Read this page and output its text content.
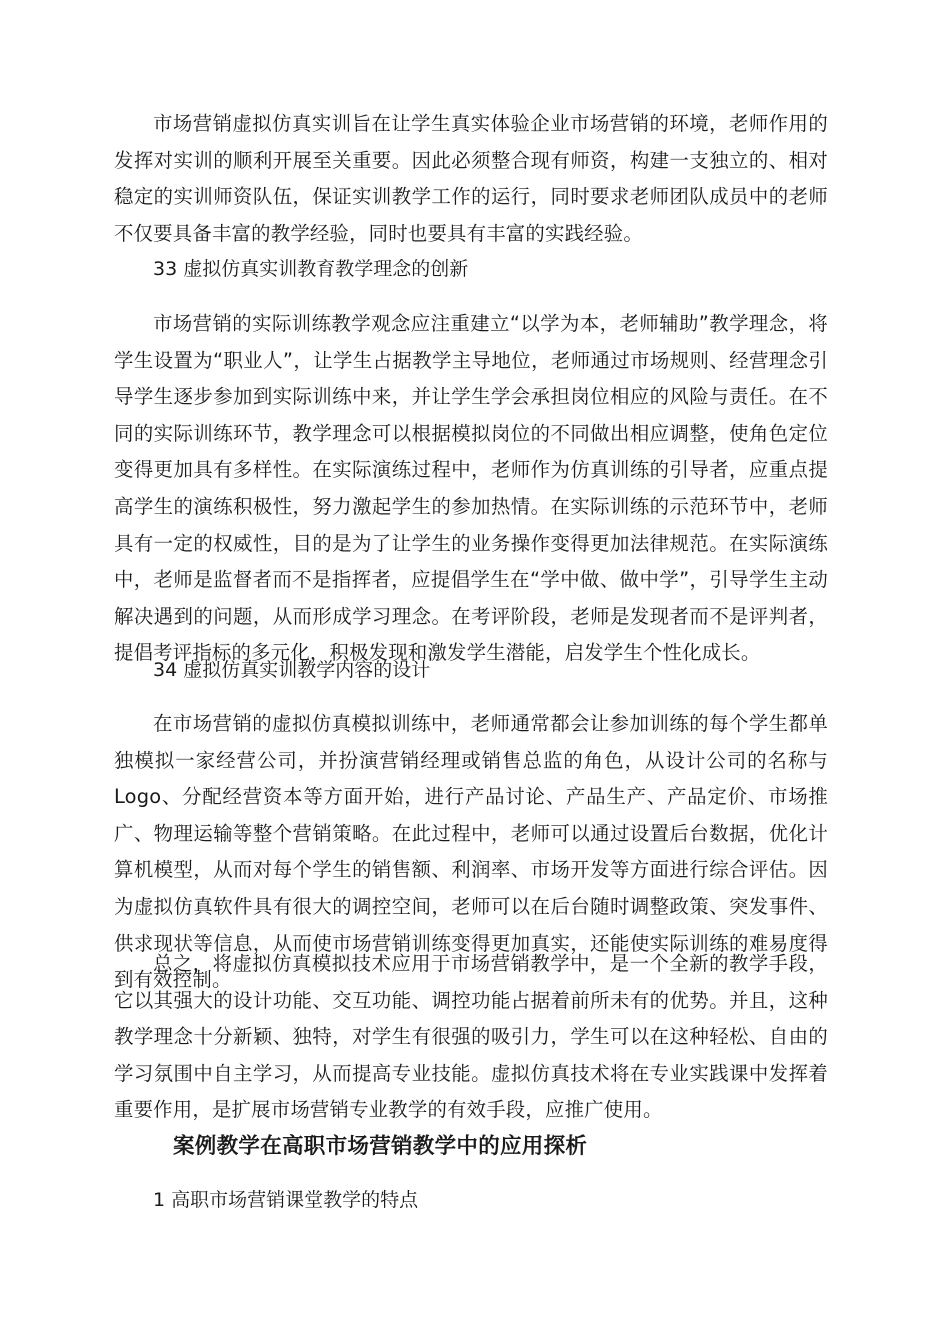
市场营销虚拟仿真实训旨在让学生真实体验企业市场营销的环境，老师作用的发挥对实训的顺利开展至关重要。因此必须整合现有师资，构建一支独立的、相对稳定的实训师资队伍，保证实训教学工作的运行，同时要求老师团队成员中的老师不仅要具备丰富的教学经验，同时也要具有丰富的实践经验。

33 虚拟仿真实训教育教学理念的创新

市场营销的实际训练教学观念应注重建立“以学为本，老师辅助”教学理念，将学生设置为“职业人”，让学生占据教学主导地位，老师通过市场规则、经营理念引导学生逐步参加到实际训练中来，并让学生学会承担岗位相应的风险与责任。在不同的实际训练环节，教学理念可以根据模拟岗位的不同做出相应调整，使角色定位变得更加具有多样性。在实际演练过程中，老师作为仿真训练的引导者，应重点提高学生的演练积极性，努力激起学生的参加热情。在实际训练的示范环节中，老师具有一定的权威性，目的是为了让学生的业务操作变得更加法律规范。在实际演练中，老师是监督者而不是指挥者，应提倡学生在“学中做、做中学”，引导学生主动解决遇到的问题，从而形成学习理念。在考评阶段，老师是发现者而不是评判者，提倡考评指标的多元化，积极发现和激发学生潜能，启发学生个性化成长。

34 虚拟仿真实训教学内容的设计

在市场营销的虚拟仿真模拟训练中，老师通常都会让参加训练的每个学生都单独模拟一家经营公司，并扮演营销经理或销售总监的角色，从设计公司的名称与 Logo、分配经营资本等方面开始，进行产品讨论、产品生产、产品定价、市场推广、物理运输等整个营销策略。在此过程中，老师可以通过设置后台数据，优化计算机模型，从而对每个学生的销售额、利润率、市场开发等方面进行综合评估。因为虚拟仿真软件具有很大的调控空间，老师可以在后台随时调整政策、突发事件、供求现状等信息，从而使市场营销训练变得更加真实，还能使实际训练的难易度得到有效控制。

总之，将虚拟仿真模拟技术应用于市场营销教学中，是一个全新的教学手段，它以其强大的设计功能、交互功能、调控功能占据着前所未有的优势。并且，这种教学理念十分新颖、独特，对学生有很强的吸引力，学生可以在这种轻松、自由的学习氛围中自主学习，从而提高专业技能。虚拟仿真技术将在专业实践课中发挥着重要作用，是扩展市场营销专业教学的有效手段，应推广使用。

案例教学在高职市场营销教学中的应用探析
1 高职市场营销课堂教学的特点
